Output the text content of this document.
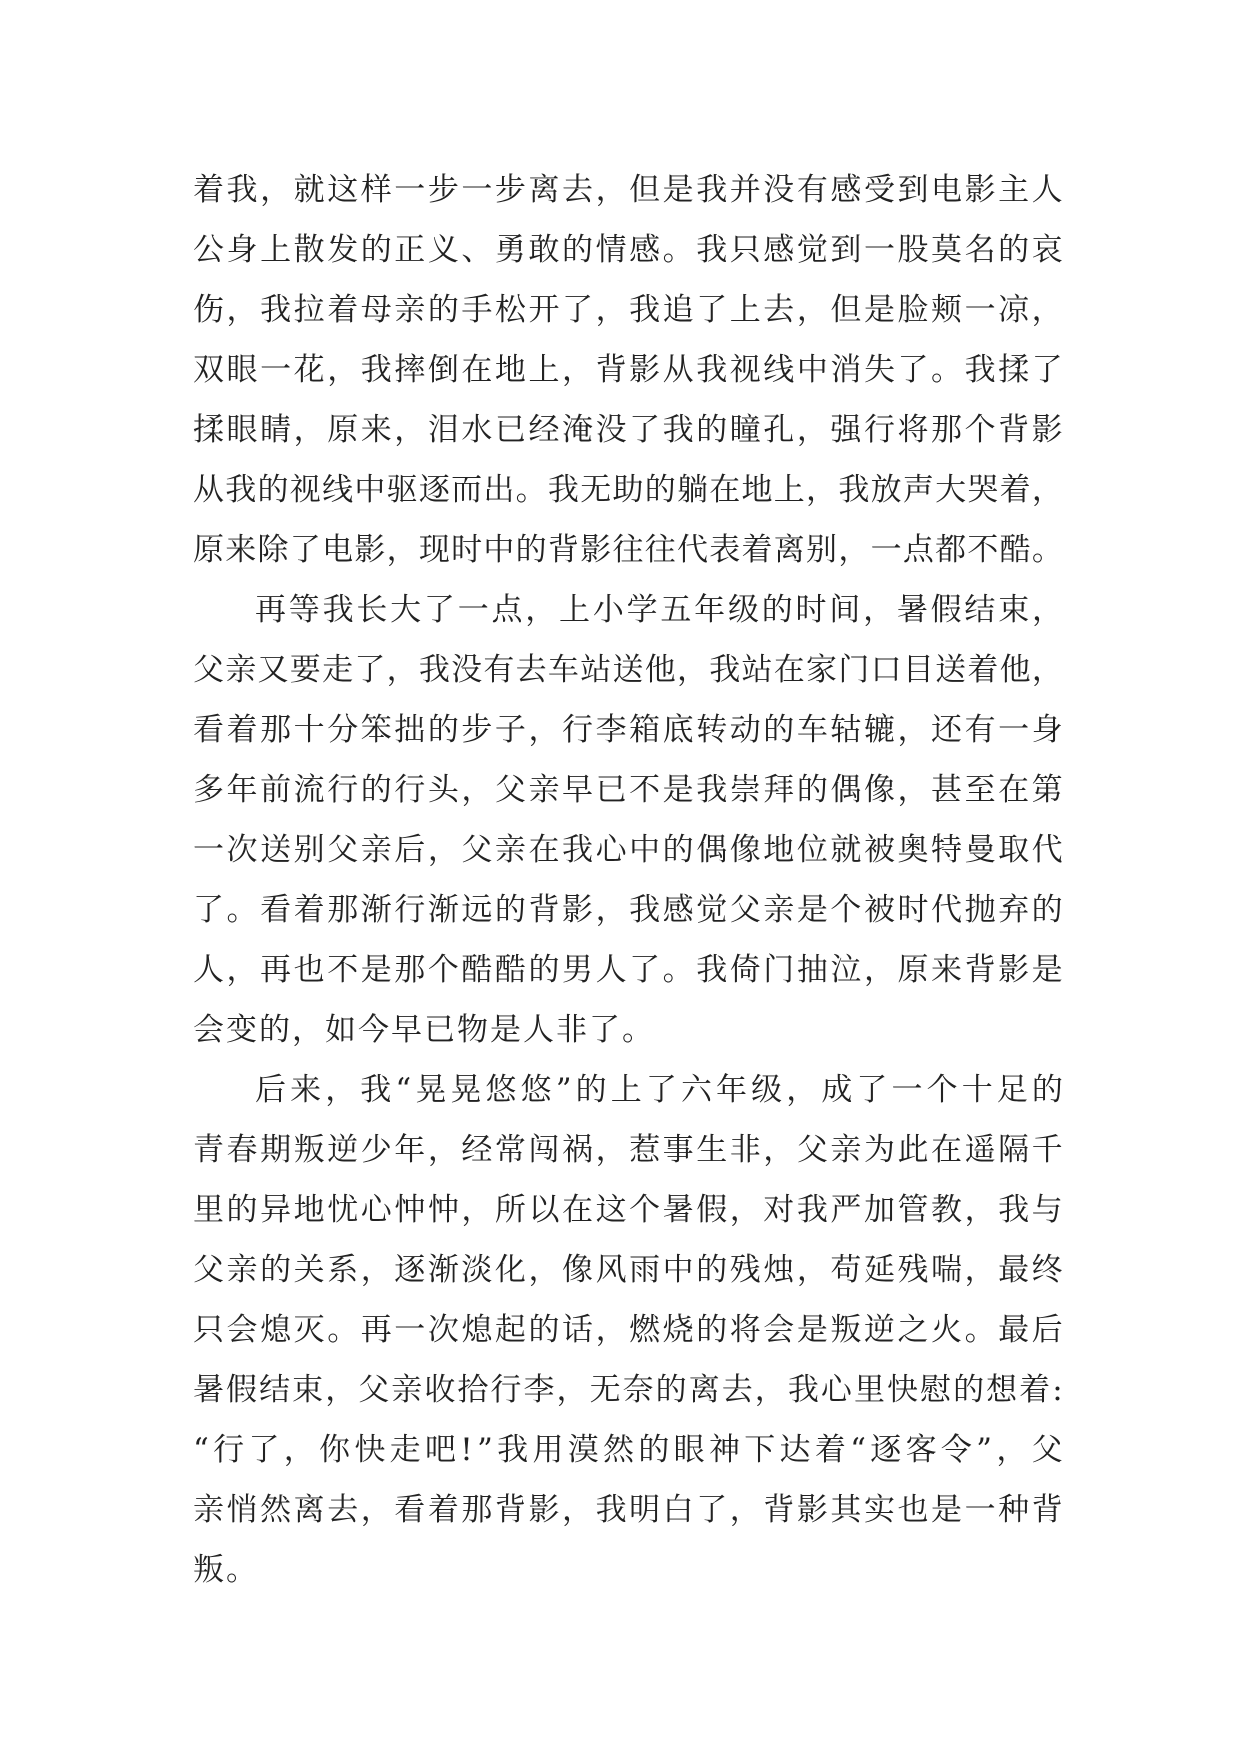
着 我 ， 就 这 样 一 步 一 步 离 去 ， 但 是 我 并 没 有 感 受 到 电 影 主 人
公 身 上 散 发 的 正 义 、 勇 敢 的 情 感 。 我 只 感 觉 到 一 股 莫 名 的 哀
伤 ， 我 拉 着 母 亲 的 手 松 开 了 ， 我 追 了 上 去 ， 但 是 脸 颊 一 凉 ，
双 眼 一 花 ， 我 摔 倒 在 地 上 ， 背 影 从 我 视 线 中 消 失 了 。 我 揉 了
揉 眼 睛 ， 原 来 ， 泪 水 已 经 淹 没 了 我 的 瞳 孔 ， 强 行 将 那 个 背 影
从 我 的 视 线 中 驱 逐 而 出 。 我 无 助 的 躺 在 地 上 ， 我 放 声 大 哭 着 ，
原 来 除 了 电 影 ， 现 时 中 的 背 影 往 往 代 表 着 离 别 ， 一 点 都 不 酷 。
再 等 我 长 大 了 一 点 ， 上 小 学 五 年 级 的 时 间 ， 暑 假 结 束 ，
父 亲 又 要 走 了 ， 我 没 有 去 车 站 送 他 ， 我 站 在 家 门 口 目 送 着 他 ，
看 着 那 十 分 笨 拙 的 步 子 ， 行 李 箱 底 转 动 的 车 轱 辘 ， 还 有 一 身
多 年 前 流 行 的 行 头 ， 父 亲 早 已 不 是 我 崇 拜 的 偶 像 ， 甚 至 在 第
一 次 送 别 父 亲 后 ， 父 亲 在 我 心 中 的 偶 像 地 位 就 被 奥 特 曼 取 代
了 。 看 着 那 渐 行 渐 远 的 背 影 ， 我 感 觉 父 亲 是 个 被 时 代 抛 弃 的
人 ， 再 也 不 是 那 个 酷 酷 的 男 人 了 。 我 倚 门 抽 泣 ， 原 来 背 影 是
会变的，如今早已物是人非了。
后 来 ， 我 “ 晃 晃 悠 悠 ” 的 上 了 六 年 级 ， 成 了 一 个 十 足 的
青 春 期 叛 逆 少 年 ， 经 常 闯 祸 ， 惹 事 生 非 ， 父 亲 为 此 在 遥 隔 千
里 的 异 地 忧 心 忡 忡 ， 所 以 在 这 个 暑 假 ， 对 我 严 加 管 教 ， 我 与
父 亲 的 关 系 ， 逐 渐 淡 化 ， 像 风 雨 中 的 残 烛 ， 苟 延 残 喘 ， 最 终
只 会 熄 灭 。 再 一 次 熄 起 的 话 ， 燃 烧 的 将 会 是 叛 逆 之 火 。 最 后
暑 假 结 束 ， 父 亲 收 拾 行 李 ， 无 奈 的 离 去 ， 我 心 里 快 慰 的 想 着 :
“ 行 了 ， 你 快 走 吧 ! ” 我 用 漠 然 的 眼 神 下 达 着 “ 逐 客 令 ” ， 父
亲 悄 然 离 去 ， 看 着 那 背 影 ， 我 明 白 了 ， 背 影 其 实 也 是 一 种 背
叛。
